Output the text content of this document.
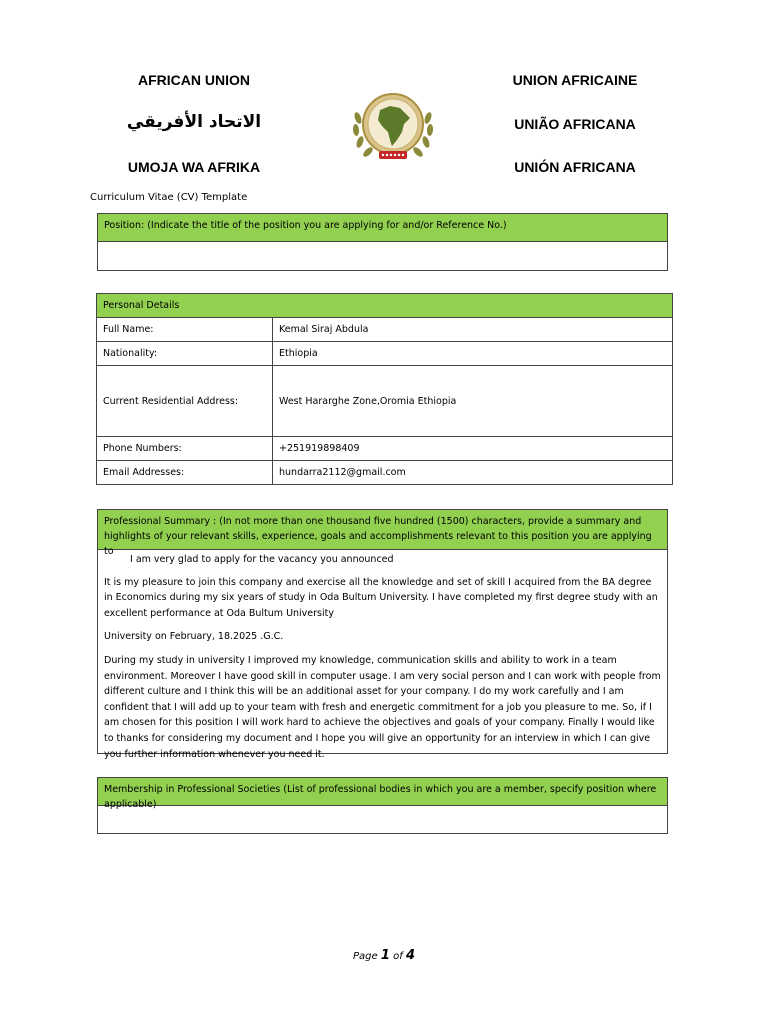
AFRICAN UNION
الاتحاد الأفريقي
UMOJA WA AFRIKA
UNION AFRICAINE
UNIÃO AFRICANA
UNIÓN AFRICANA
Curriculum Vitae (CV) Template
Position: (Indicate the title of the position you are applying for and/or Reference No.)
Personal Details	
Full Name:	Kemal Siraj Abdula
Nationality:	Ethiopia
Current Residential Address:	West Hararghe Zone,Oromia Ethiopia
Phone Numbers:	+251919898409
Email Addresses:	hundarra2112@gmail.com
Professional Summary : (In not more than one thousand five hundred (1500) characters, provide a summary and highlights of your relevant skills, experience, goals and accomplishments relevant to this position you are applying to

I am very glad to apply for the vacancy you announced

It is my pleasure to join this company and exercise all the knowledge and set of skill I acquired from the BA degree in Economics during my six years of study in Oda Bultum University. I have completed my first degree study with an excellent performance at Oda Bultum University

University on February, 18.2025 .G.C.

During my study in university I improved my knowledge, communication skills and ability to work in a team environment. Moreover I have good skill in computer usage. I am very social person and I can work with people from different culture and I think this will be an additional asset for your company. I do my work carefully and I am confident that I will add up to your team with fresh and energetic commitment for a job you pleasure to me. So, if I am chosen for this position I will work hard to achieve the objectives and goals of your company. Finally I would like to thanks for considering my document and I hope you will give an opportunity for an interview in which I can give you further information whenever you need it.

Membership in Professional Societies (List of professional bodies in which you are a member, specify position where applicable)
Page 1 of 4
